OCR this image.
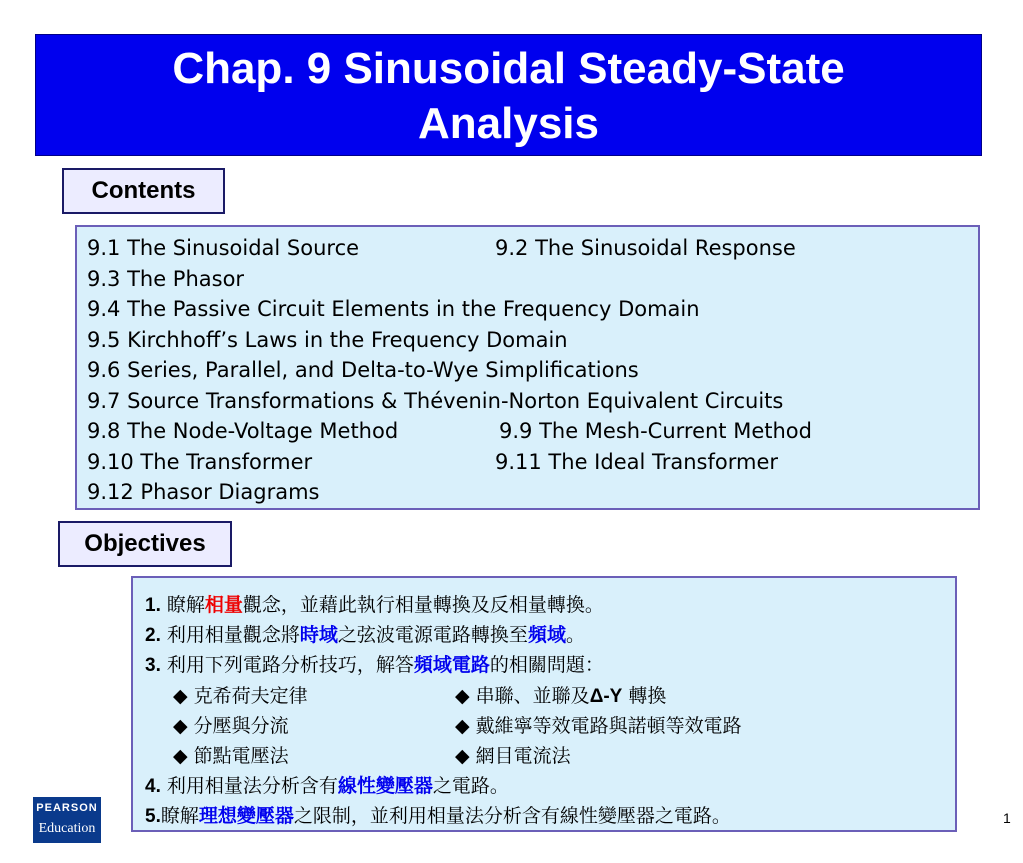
Chap. 9 Sinusoidal Steady-State
Analysis
Contents
9.1 The Sinusoidal Source	9.2 The Sinusoidal Response
9.3 The Phasor
9.4 The Passive Circuit Elements in the Frequency Domain
9.5 Kirchhoff’s Laws in the Frequency Domain
9.6 Series, Parallel, and Delta-to-Wye Simplifications
9.7 Source Transformations & Thévenin-Norton Equivalent Circuits
9.8 The Node-Voltage Method	9.9 The Mesh-Current Method
9.10 The Transformer	9.11 The Ideal Transformer
9.12 Phasor Diagrams
Objectives
1. 瞭解相量觀念，並藉此執行相量轉換及反相量轉換。
2. 利用相量觀念將時域之弦波電源電路轉換至頻域。
3. 利用下列電路分析技巧，解答頻域電路的相關問題：
◆ 克希荷夫定律	◆ 串聯、並聯及Δ-Y 轉換
◆ 分壓與分流	◆ 戴維寧等效電路與諾頓等效電路
◆ 節點電壓法	◆ 網目電流法
4. 利用相量法分析含有線性變壓器之電路。
5.瞭解理想變壓器之限制，並利用相量法分析含有線性變壓器之電路。
PEARSON
Education
1
